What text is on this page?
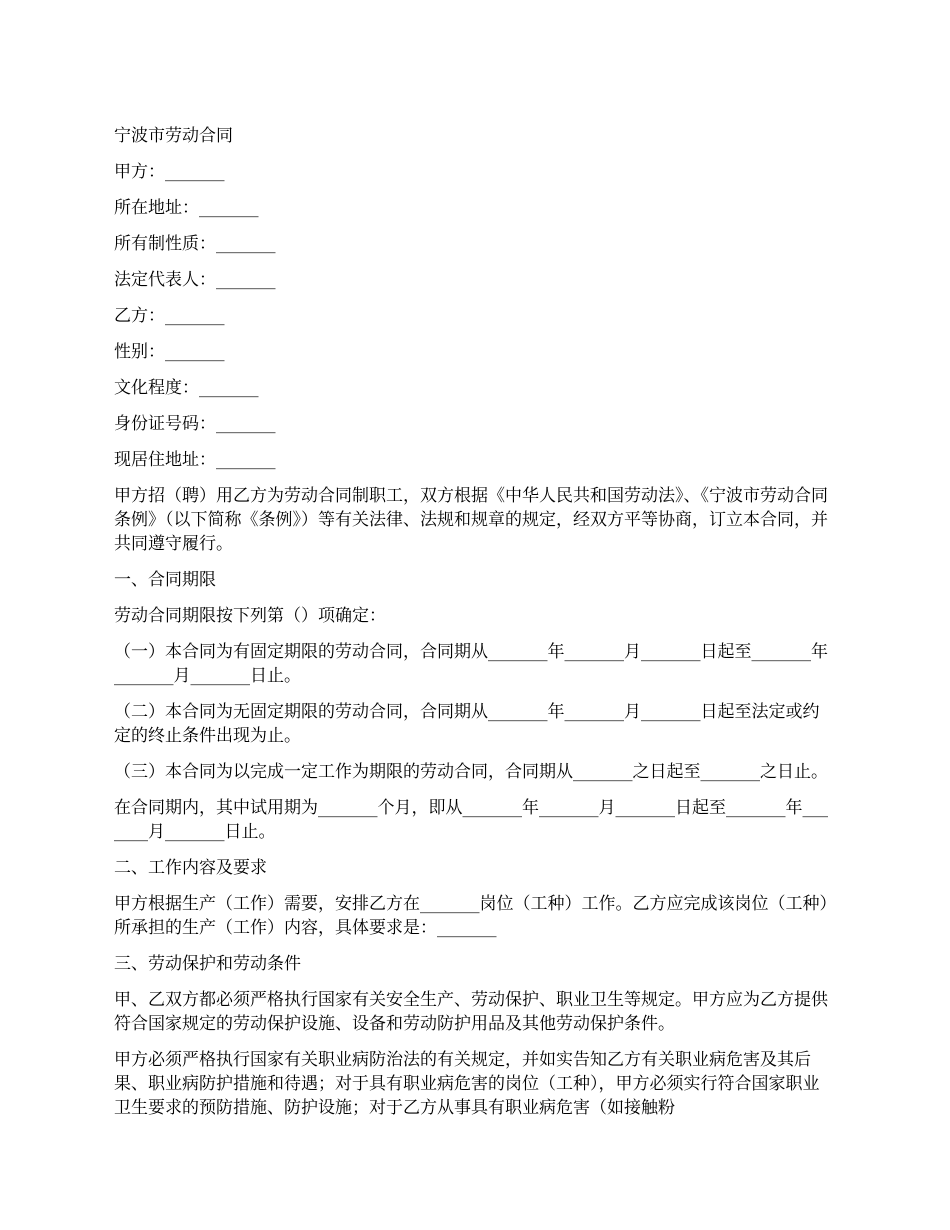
宁波市劳动合同

甲方：_______

所在地址：_______

所有制性质：_______

法定代表人：_______

乙方：_______

性别：_______

文化程度：_______

身份证号码：_______

现居住地址：_______

甲方招（聘）用乙方为劳动合同制职工，双方根据《中华人民共和国劳动法》、《宁波市劳动合同条例》（以下简称《条例》）等有关法律、法规和规章的规定，经双方平等协商，订立本合同，并共同遵守履行。

一、合同期限

劳动合同期限按下列第（）项确定：

（一）本合同为有固定期限的劳动合同，合同期从_______年_______月_______日起至_______年_______月_______日止。

（二）本合同为无固定期限的劳动合同，合同期从_______年_______月_______日起至法定或约定的终止条件出现为止。

（三）本合同为以完成一定工作为期限的劳动合同，合同期从_______之日起至_______之日止。

在合同期内，其中试用期为_______个月，即从_______年_______月_______日起至_______年_______月_______日止。

二、工作内容及要求

甲方根据生产（工作）需要，安排乙方在_______岗位（工种）工作。乙方应完成该岗位（工种）所承担的生产（工作）内容，具体要求是：_______

三、劳动保护和劳动条件

甲、乙双方都必须严格执行国家有关安全生产、劳动保护、职业卫生等规定。甲方应为乙方提供符合国家规定的劳动保护设施、设备和劳动防护用品及其他劳动保护条件。

甲方必须严格执行国家有关职业病防治法的有关规定，并如实告知乙方有关职业病危害及其后果、职业病防护措施和待遇；对于具有职业病危害的岗位（工种），甲方必须实行符合国家职业卫生要求的预防措施、防护设施；对于乙方从事具有职业病危害（如接触粉
